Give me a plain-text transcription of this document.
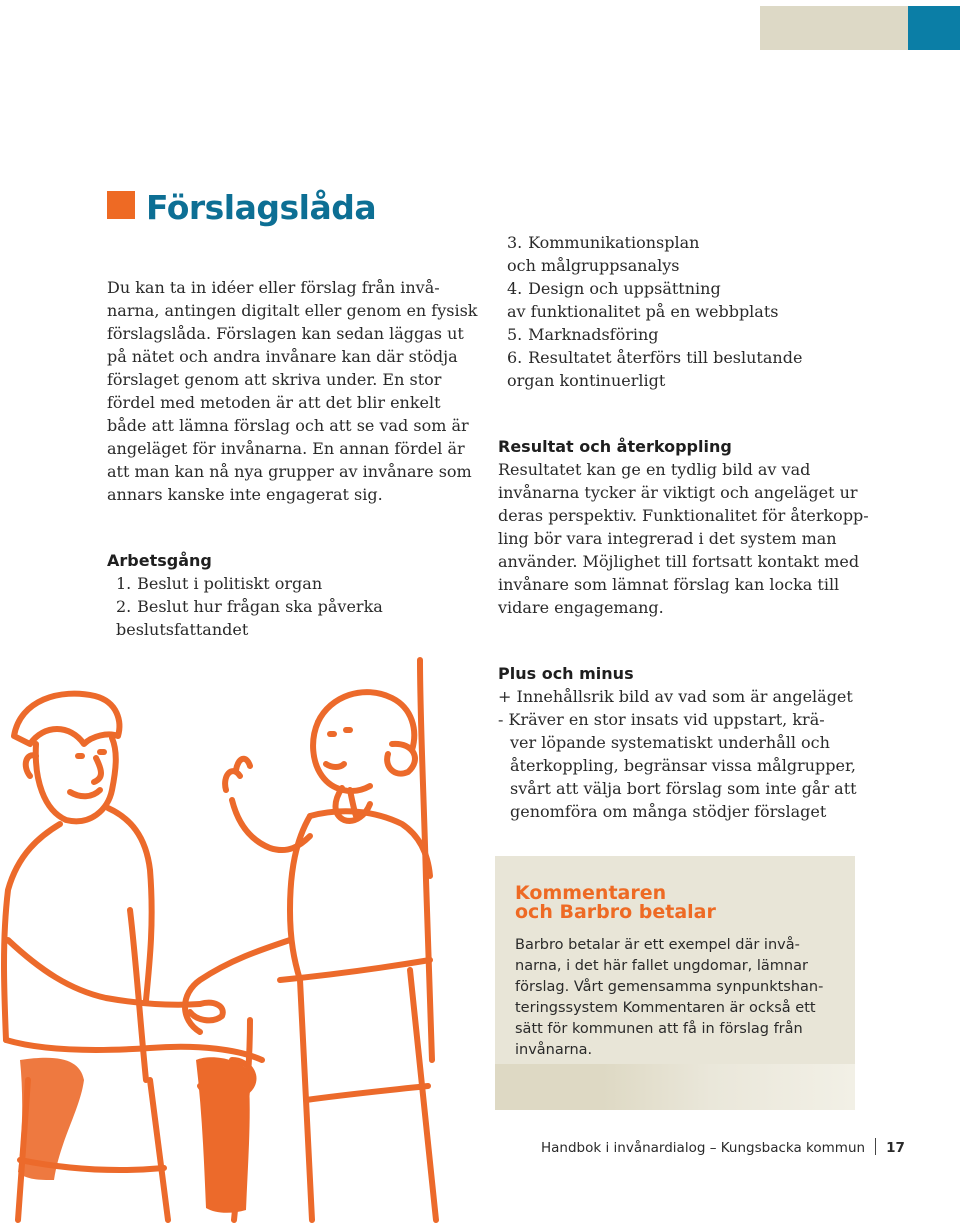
Förslagslåda
Du kan ta in idéer eller förslag från invå-
narna, antingen digitalt eller genom en fysisk
förslagslåda. Förslagen kan sedan läggas ut
på nätet och andra invånare kan där stödja
förslaget genom att skriva under. En stor
fördel med metoden är att det blir enkelt
både att lämna förslag och att se vad som är
angeläget för invånarna. En annan fördel är
att man kan nå nya grupper av invånare som
annars kanske inte engagerat sig.
Arbetsgång
1. Beslut i politiskt organ
2. Beslut hur frågan ska påverka
beslutsfattandet
3. Kommunikationsplan
och målgruppsanalys
4. Design och uppsättning
av funktionalitet på en webbplats
5. Marknadsföring
6. Resultatet återförs till beslutande
organ kontinuerligt
Resultat och återkoppling
Resultatet kan ge en tydlig bild av vad
invånarna tycker är viktigt och angeläget ur
deras perspektiv. Funktionalitet för återkopp-
ling bör vara integrerad i det system man
använder. Möjlighet till fortsatt kontakt med
invånare som lämnat förslag kan locka till
vidare engagemang.
Plus och minus
+ Innehållsrik bild av vad som är angeläget
- Kräver en stor insats vid uppstart, krä-
ver löpande systematiskt underhåll och
återkoppling, begränsar vissa målgrupper,
svårt att välja bort förslag som inte går att
genomföra om många stödjer förslaget
Kommentaren
och Barbro betalar
Barbro betalar är ett exempel där invå-
narna, i det här fallet ungdomar, lämnar
förslag. Vårt gemensamma synpunktshan-
teringssystem Kommentaren är också ett
sätt för kommunen att få in förslag från
invånarna.
Handbok i invånardialog – Kungsbacka kommun 17
